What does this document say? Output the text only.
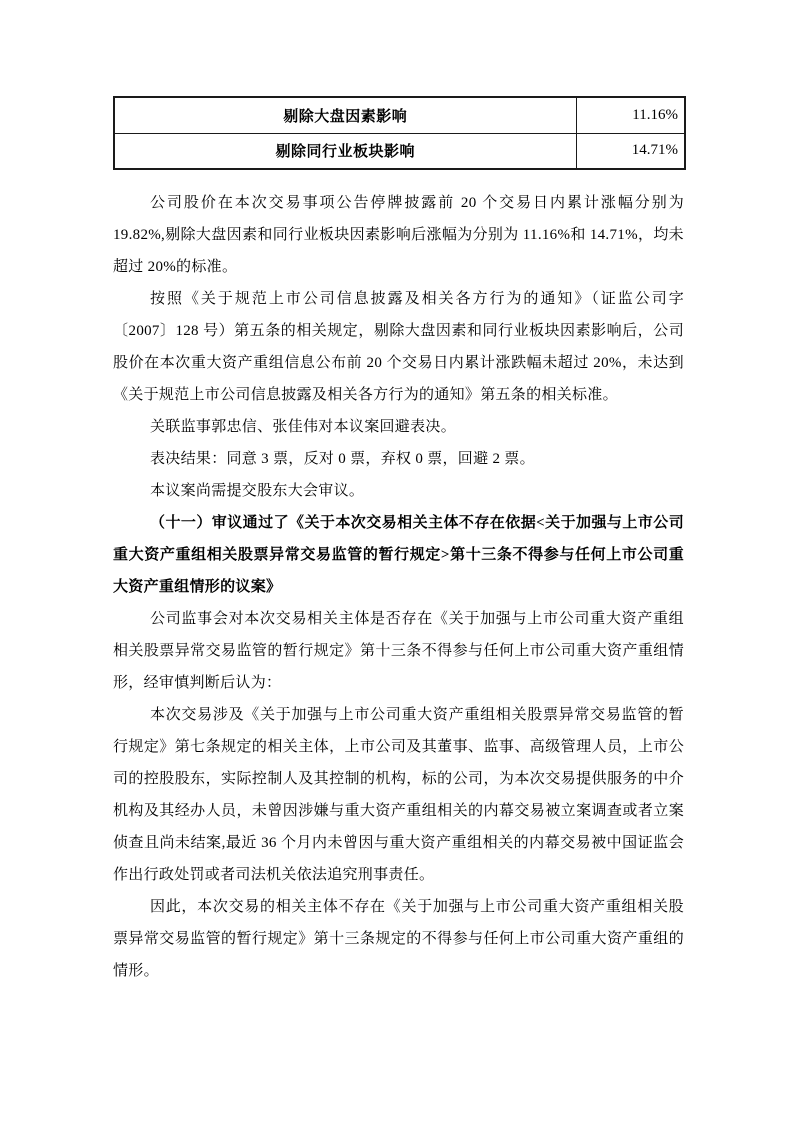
剔除大盘因素影响	11.16%
剔除同行业板块影响	14.71%

公司股价在本次交易事项公告停牌披露前 20 个交易日内累计涨幅分别为 19.82%,剔除大盘因素和同行业板块因素影响后涨幅为分别为 11.16%和 14.71%，均未超过 20%的标准。

按照《关于规范上市公司信息披露及相关各方行为的通知》（证监公司字〔2007〕128 号）第五条的相关规定，剔除大盘因素和同行业板块因素影响后，公司股价在本次重大资产重组信息公布前 20 个交易日内累计涨跌幅未超过 20%，未达到《关于规范上市公司信息披露及相关各方行为的通知》第五条的相关标准。

关联监事郭忠信、张佳伟对本议案回避表决。

表决结果：同意 3 票，反对 0 票，弃权 0 票，回避 2 票。

本议案尚需提交股东大会审议。

（十一）审议通过了《关于本次交易相关主体不存在依据<关于加强与上市公司重大资产重组相关股票异常交易监管的暂行规定>第十三条不得参与任何上市公司重大资产重组情形的议案》

公司监事会对本次交易相关主体是否存在《关于加强与上市公司重大资产重组相关股票异常交易监管的暂行规定》第十三条不得参与任何上市公司重大资产重组情形，经审慎判断后认为：

本次交易涉及《关于加强与上市公司重大资产重组相关股票异常交易监管的暂行规定》第七条规定的相关主体，上市公司及其董事、监事、高级管理人员，上市公司的控股股东，实际控制人及其控制的机构，标的公司，为本次交易提供服务的中介机构及其经办人员，未曾因涉嫌与重大资产重组相关的内幕交易被立案调查或者立案侦查且尚未结案,最近 36 个月内未曾因与重大资产重组相关的内幕交易被中国证监会作出行政处罚或者司法机关依法追究刑事责任。

因此，本次交易的相关主体不存在《关于加强与上市公司重大资产重组相关股票异常交易监管的暂行规定》第十三条规定的不得参与任何上市公司重大资产重组的情形。
